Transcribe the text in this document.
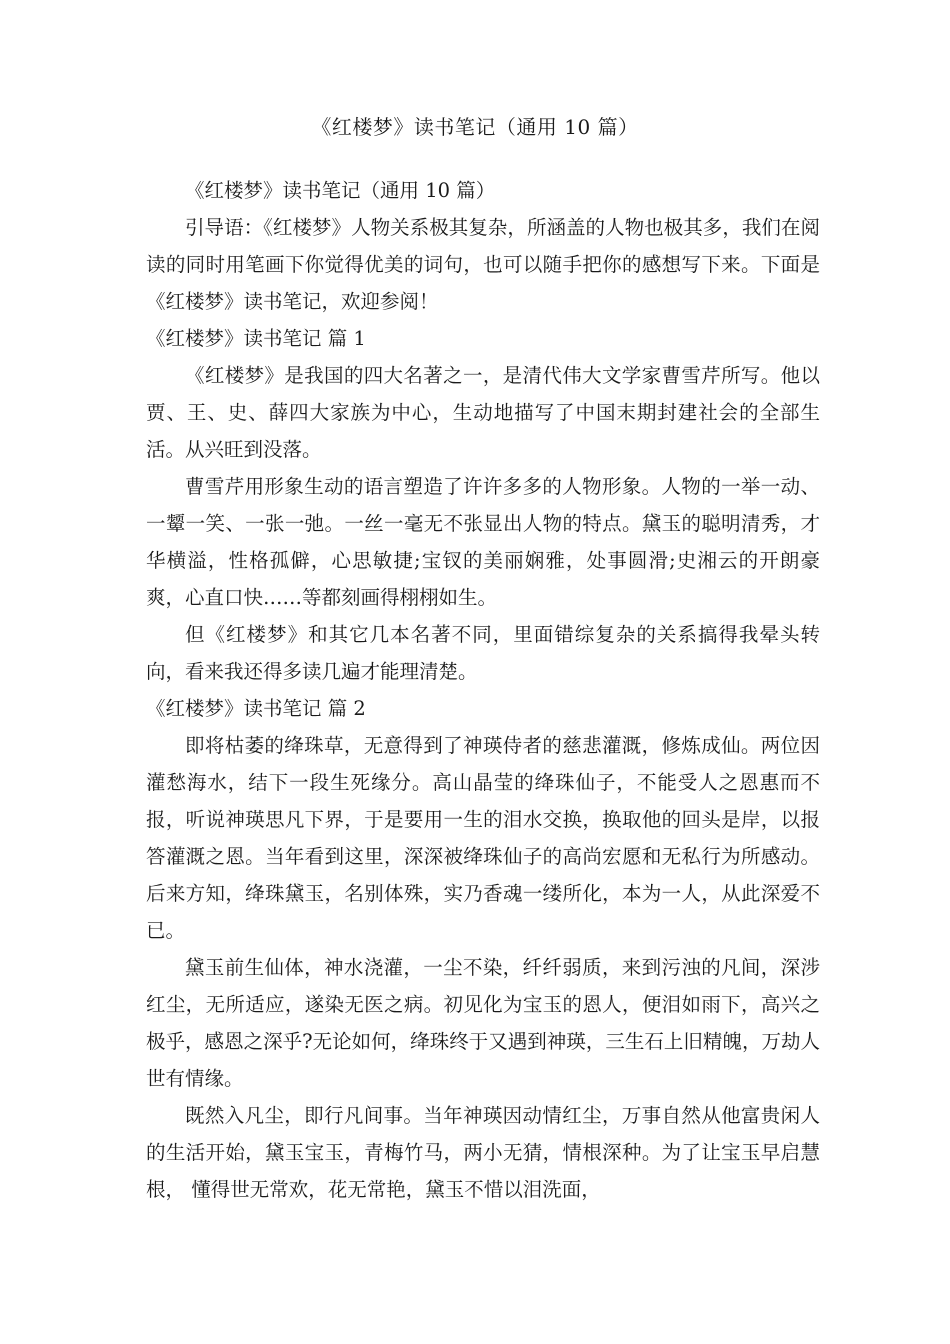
《红楼梦》读书笔记（通用 10 篇）

《红楼梦》读书笔记（通用 10 篇）

引导语：《红楼梦》人物关系极其复杂，所涵盖的人物也极其多，我们在阅读的同时用笔画下你觉得优美的词句，也可以随手把你的感想写下来。下面是《红楼梦》读书笔记，欢迎参阅！

《红楼梦》读书笔记 篇 1

《红楼梦》是我国的四大名著之一，是清代伟大文学家曹雪芹所写。他以贾、王、史、薛四大家族为中心，生动地描写了中国末期封建社会的全部生活。从兴旺到没落。

曹雪芹用形象生动的语言塑造了许许多多的人物形象。人物的一举一动、一颦一笑、一张一弛。一丝一毫无不张显出人物的特点。黛玉的聪明清秀，才华横溢，性格孤僻，心思敏捷;宝钗的美丽娴雅，处事圆滑;史湘云的开朗豪爽，心直口快……等都刻画得栩栩如生。

但《红楼梦》和其它几本名著不同，里面错综复杂的关系搞得我晕头转向，看来我还得多读几遍才能理清楚。

《红楼梦》读书笔记 篇 2

即将枯萎的绛珠草，无意得到了神瑛侍者的慈悲灌溉，修炼成仙。两位因灌愁海水，结下一段生死缘分。高山晶莹的绛珠仙子，不能受人之恩惠而不报，听说神瑛思凡下界，于是要用一生的泪水交换，换取他的回头是岸，以报答灌溉之恩。当年看到这里，深深被绛珠仙子的高尚宏愿和无私行为所感动。后来方知，绛珠黛玉，名别体殊，实乃香魂一缕所化，本为一人，从此深爱不已。

黛玉前生仙体，神水浇灌，一尘不染，纤纤弱质，来到污浊的凡间，深涉红尘，无所适应，遂染无医之病。初见化为宝玉的恩人，便泪如雨下，高兴之极乎，感恩之深乎?无论如何，绛珠终于又遇到神瑛，三生石上旧精魄，万劫人世有情缘。

既然入凡尘，即行凡间事。当年神瑛因动情红尘，万事自然从他富贵闲人的生活开始，黛玉宝玉，青梅竹马，两小无猜，情根深种。为了让宝玉早启慧根， 懂得世无常欢，花无常艳，黛玉不惜以泪洗面，
